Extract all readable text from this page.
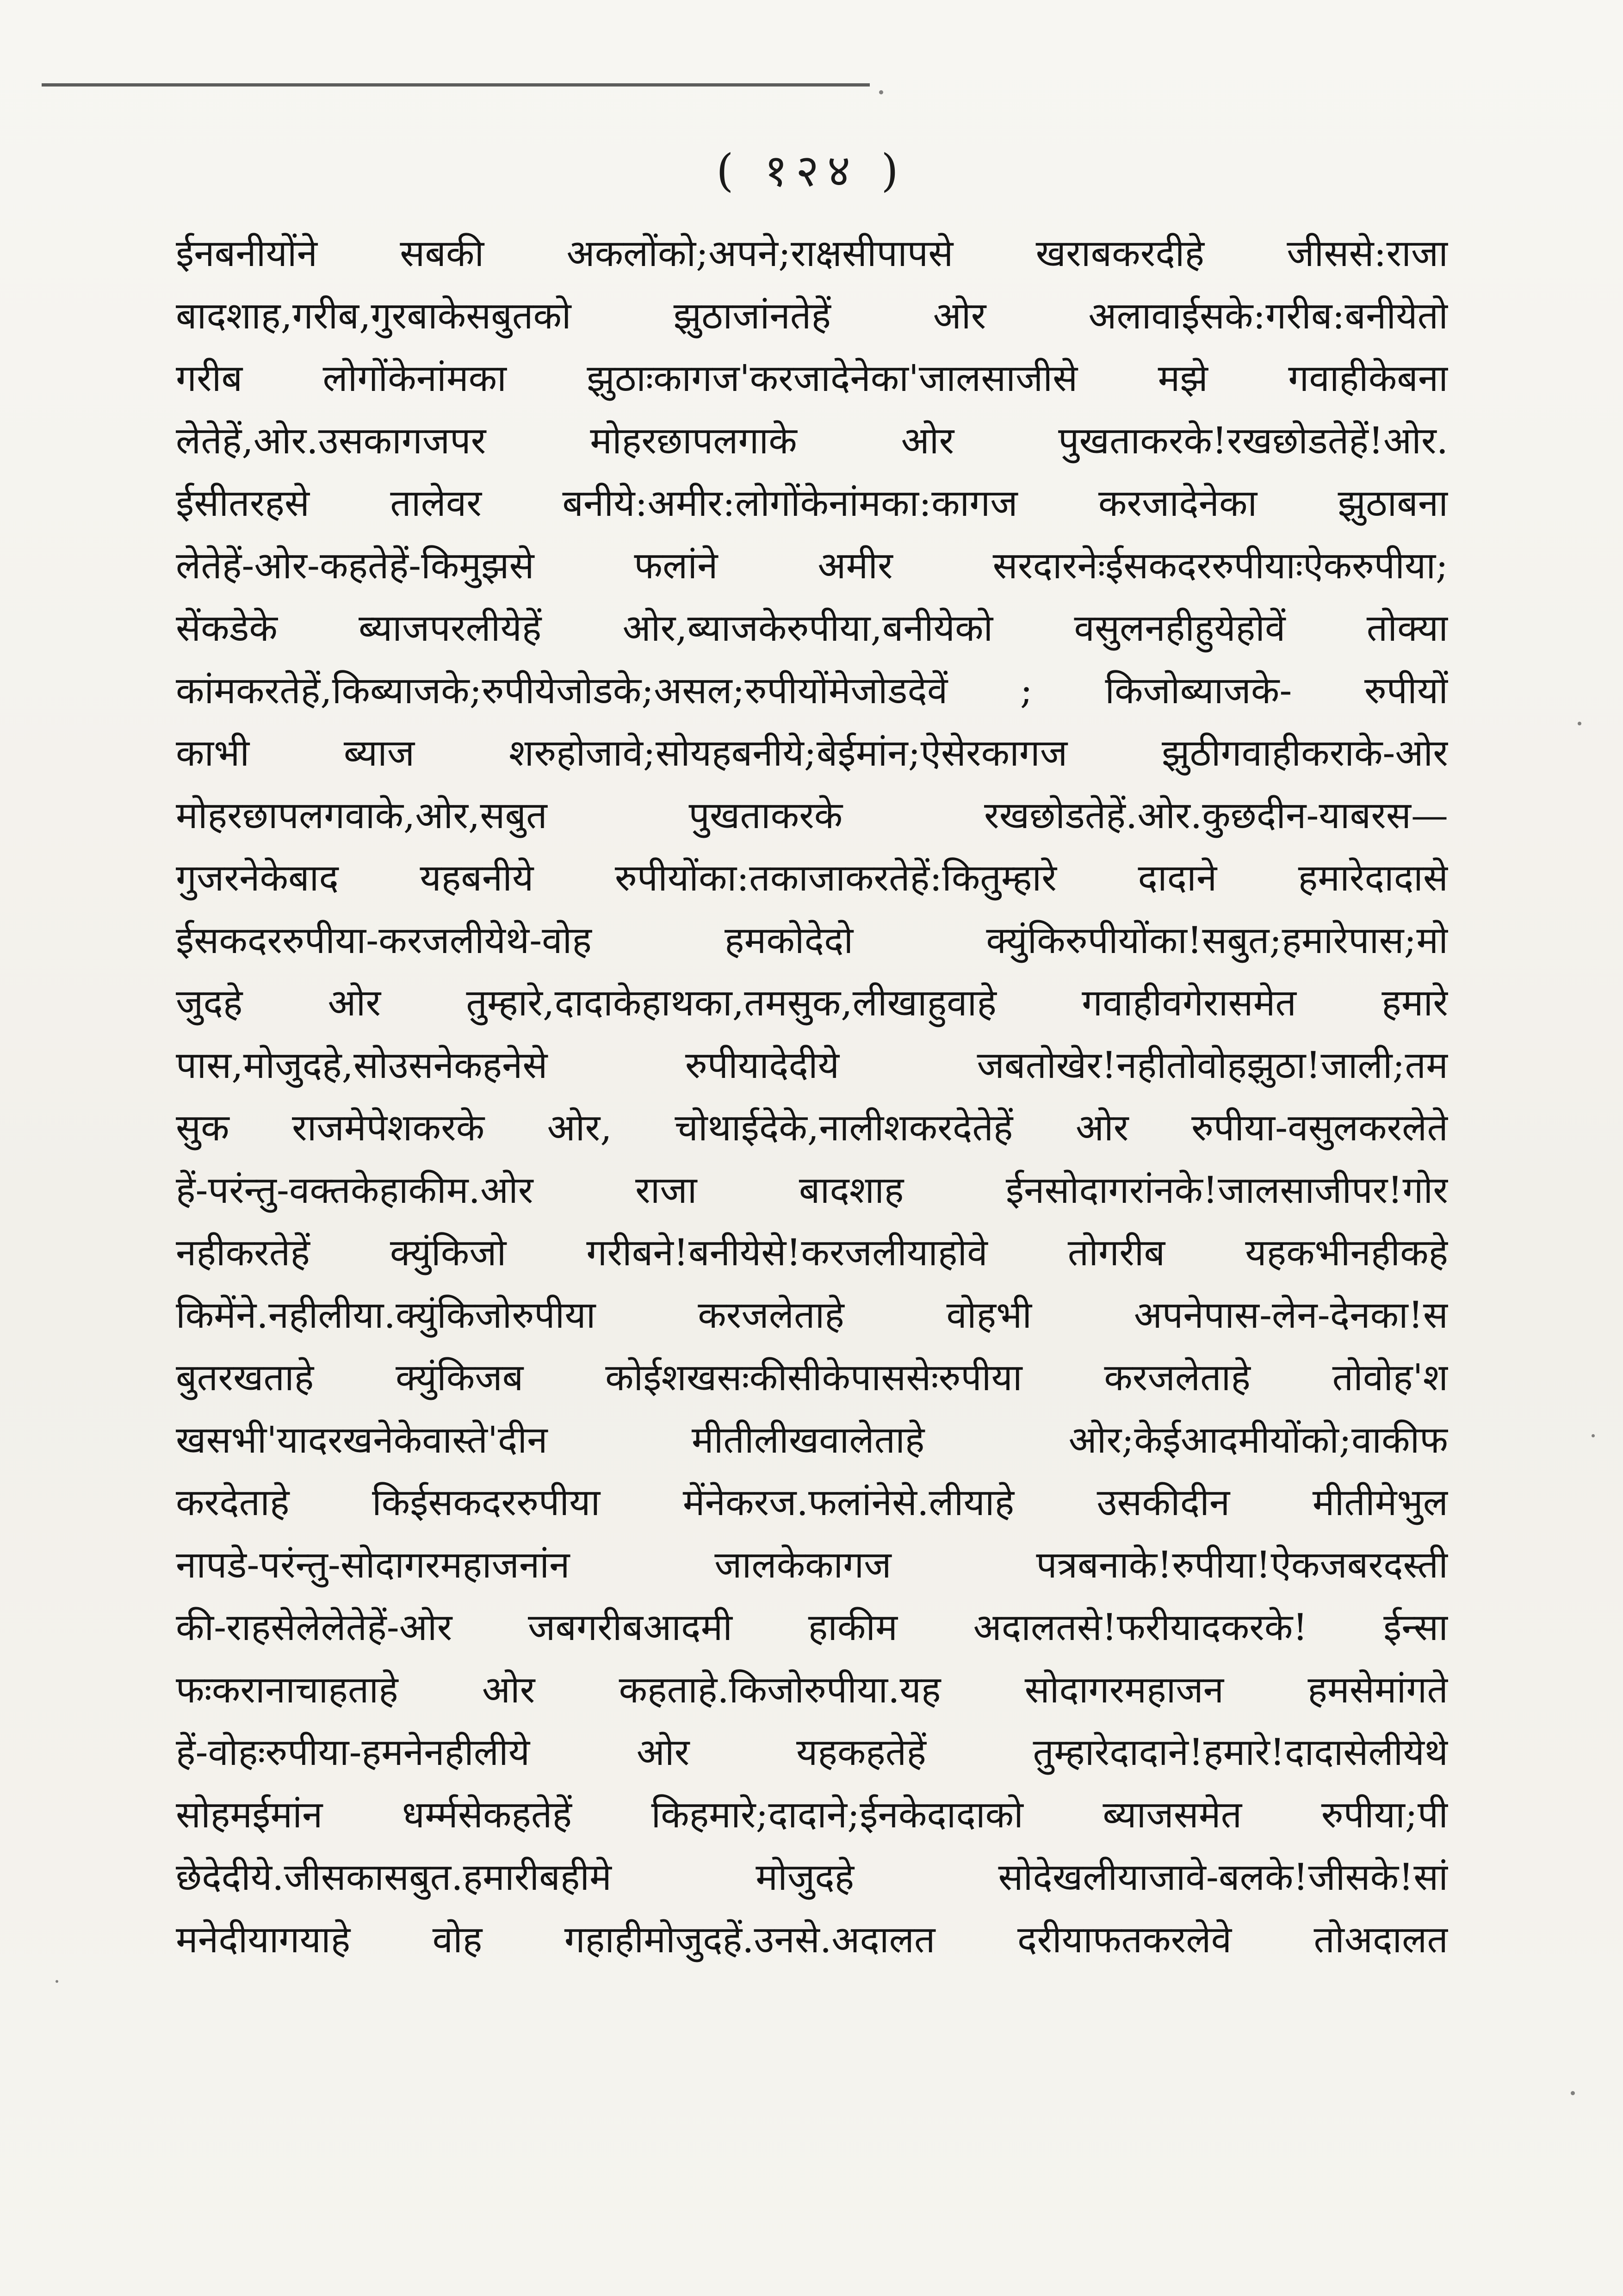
( १२४ )
ईनबनीयोंने सबकी अकलोंको;अपने;राक्षसीपापसे खराबकरदीहे जीससे:राजा
बादशाह,गरीब,गुरबाकेसबुतको झुठाजांनतेहें ओर अलावाईसके:गरीब:बनीयेतो
गरीब लोगोंकेनांमका झुठाःकागज'करजादेनेका'जालसाजीसे मझे गवाहीकेबना
लेतेहें,ओर.उसकागजपर मोहरछापलगाके ओर पुखताकरके!रखछोडतेहें!ओर.
ईसीतरहसे तालेवर बनीये:अमीर:लोगोंकेनांमका:कागज करजादेनेका झुठाबना
लेतेहें-ओर-कहतेहें-किमुझसे फलांने अमीर सरदारनेःईसकदररुपीयाःऐकरुपीया;
सेंकडेके ब्याजपरलीयेहें ओर,ब्याजकेरुपीया,बनीयेको वसुलनहीहुयेहोवें तोक्या
कांमकरतेहें,किब्याजके;रुपीयेजोडके;असल;रुपीयोंमेजोडदेवें ; किजोब्याजके- रुपीयों
काभी ब्याज शरुहोजावे;सोयहबनीये;बेईमांन;ऐसेरकागज झुठीगवाहीकराके-ओर
मोहरछापलगवाके,ओर,सबुत पुखताकरके रखछोडतेहें.ओर.कुछदीन-याबरस—
गुजरनेकेबाद यहबनीये रुपीयोंका:तकाजाकरतेहें:कितुम्हारे दादाने हमारेदादासे
ईसकदररुपीया-करजलीयेथे-वोह हमकोदेदो क्युंकिरुपीयोंका!सबुत;हमारेपास;मो
जुदहे ओर तुम्हारे,दादाकेहाथका,तमसुक,लीखाहुवाहे गवाहीवगेरासमेत हमारे
पास,मोजुदहे,सोउसनेकहनेसे रुपीयादेदीये जबतोखेर!नहीतोवोहझुठा!जाली;तम
सुक राजमेपेशकरके ओर, चोथाईदेके,नालीशकरदेतेहें ओर रुपीया-वसुलकरलेते
हें-परंन्तु-वक्तकेहाकीम.ओर राजा बादशाह ईनसोदागरांनके!जालसाजीपर!गोर
नहीकरतेहें क्युंकिजो गरीबने!बनीयेसे!करजलीयाहोवे तोगरीब यहकभीनहीकहे
किमेंने.नहीलीया.क्युंकिजोरुपीया करजलेताहे वोहभी अपनेपास-लेन-देनका!स
बुतरखताहे क्युंकिजब कोईशखसःकीसीकेपाससेःरुपीया करजलेताहे तोवोह'श
खसभी'यादरखनेकेवास्ते'दीन मीतीलीखवालेताहे ओर;केईआदमीयोंको;वाकीफ
करदेताहे किईसकदररुपीया मेंनेकरज.फलांनेसे.लीयाहे उसकीदीन मीतीमेभुल
नापडे-परंन्तु-सोदागरमहाजनांन जालकेकागज पत्रबनाके!रुपीया!ऐकजबरदस्ती
की-राहसेलेलेतेहें-ओर जबगरीबआदमी हाकीम अदालतसे!फरीयादकरके! ईन्सा
फःकरानाचाहताहे ओर कहताहे.किजोरुपीया.यह सोदागरमहाजन हमसेमांगते
हें-वोहःरुपीया-हमनेनहीलीये ओर यहकहतेहें तुम्हारेदादाने!हमारे!दादासेलीयेथे
सोहमईमांन धर्म्मसेकहतेहें किहमारे;दादाने;ईनकेदादाको ब्याजसमेत रुपीया;पी
छेदेदीये.जीसकासबुत.हमारीबहीमे मोजुदहे सोदेखलीयाजावे-बलके!जीसके!सां
मनेदीयागयाहे वोह गहाहीमोजुदहें.उनसे.अदालत दरीयाफतकरलेवे तोअदालत
